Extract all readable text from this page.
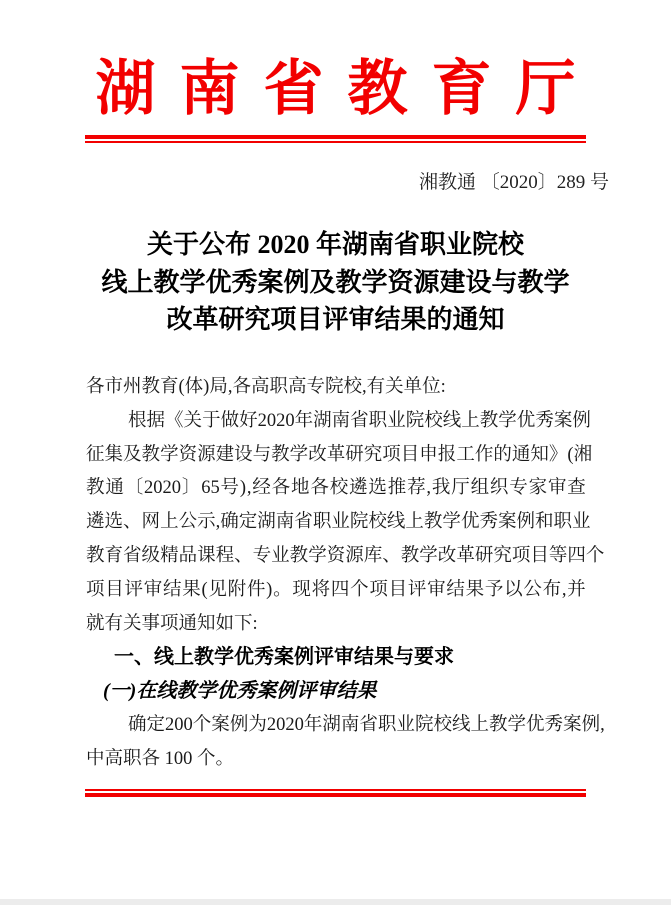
湖南省教育厅
湘教通 〔2020〕289 号
关于公布 2020 年湖南省职业院校
线上教学优秀案例及教学资源建设与教学
改革研究项目评审结果的通知
各市州教育(体)局,各高职高专院校,有关单位:
根 据 《 关 于 做 好 2020 年 湖 南 省 职 业 院 校 线 上 教 学 优 秀 案 例
征 集 及 教 学 资 源 建 设 与 教 学 改 革 研 究 项 目 申 报 工 作 的 通 知 》 ( 湘
教 通 〔 2020 〕 65 号 ) , 经 各 地 各 校 遴 选 推 荐 , 我 厅 组 织 专 家 审 查
遴 选 、 网 上 公 示 , 确 定 湖 南 省 职 业 院 校 线 上 教 学 优 秀 案 例 和 职 业
教 育 省 级 精 品 课 程 、 专 业 教 学 资 源 库 、 教 学 改 革 研 究 项 目 等 四 个
项 目 评 审 结 果 ( 见 附 件 ) 。 现 将 四 个 项 目 评 审 结 果 予 以 公 布 , 并
就有关事项通知如下:
一、线上教学优秀案例评审结果与要求
(一)在线教学优秀案例评审结果
确 定 200 个 案 例 为 2020 年 湖 南 省 职 业 院 校 线 上 教 学 优 秀 案 例 ,
中高职各 100 个。
